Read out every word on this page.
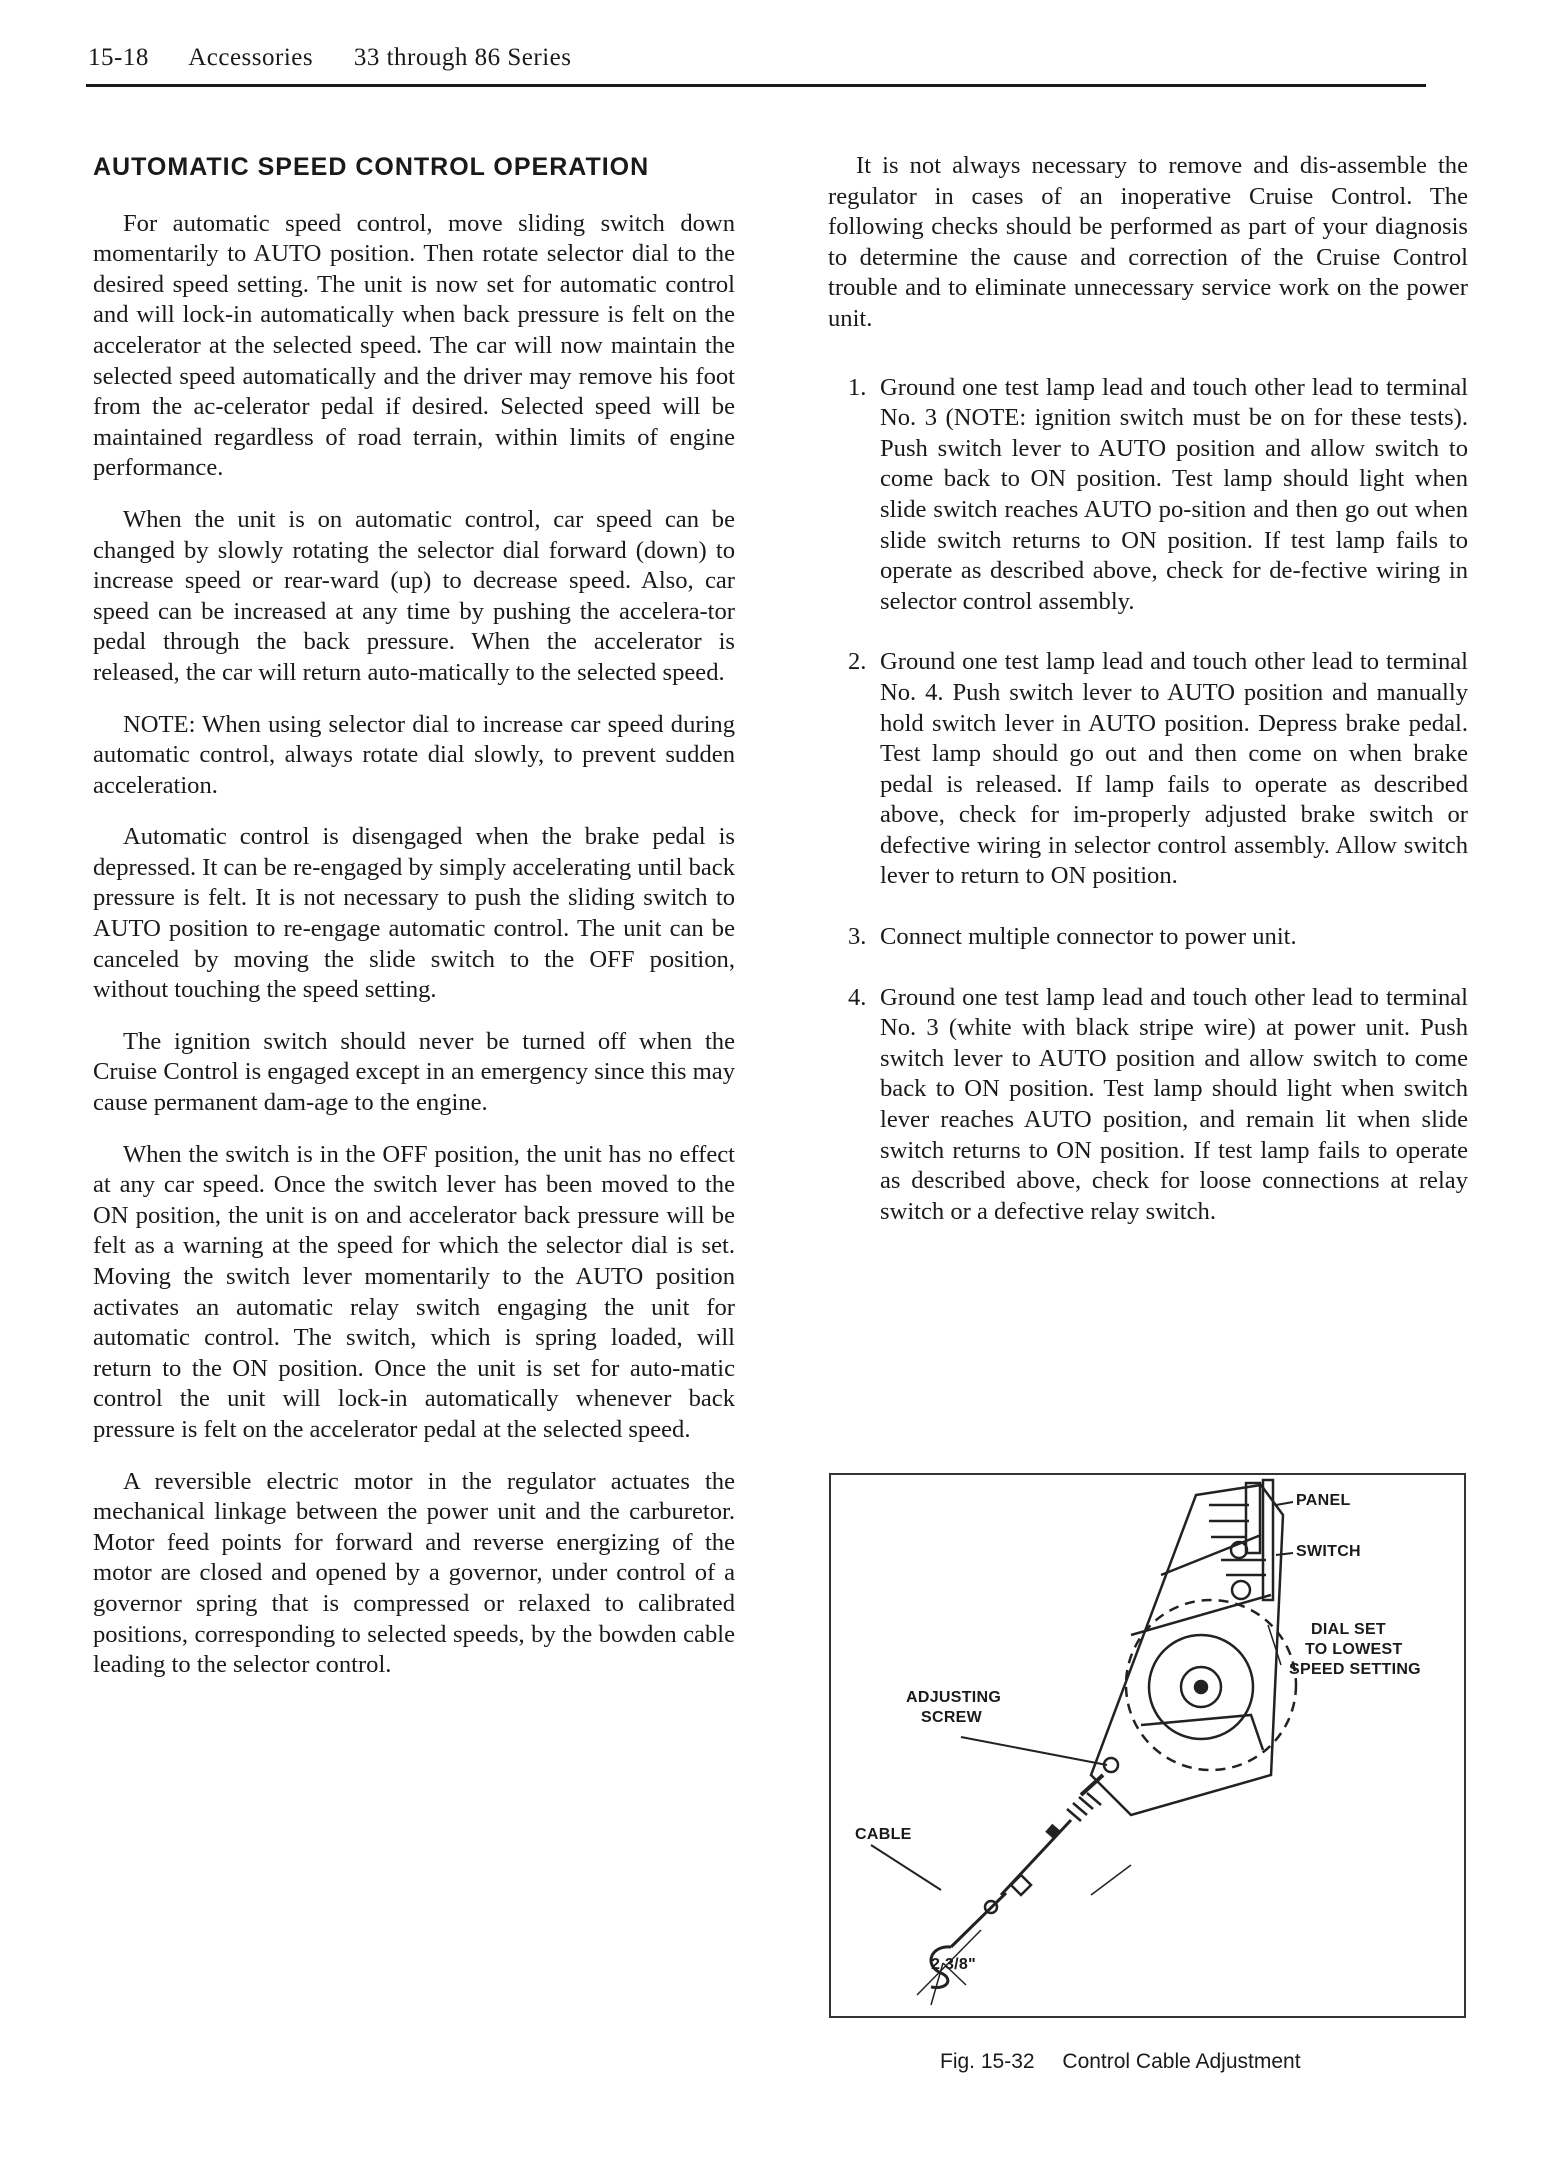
15-18 Accessories 33 through 86 Series
AUTOMATIC SPEED CONTROL OPERATION

For automatic speed control, move sliding switch down momentarily to AUTO position. Then rotate selector dial to the desired speed setting. The unit is now set for automatic control and will lock-in automatically when back pressure is felt on the accelerator at the selected speed. The car will now maintain the selected speed automatically and the driver may remove his foot from the ac-celerator pedal if desired. Selected speed will be maintained regardless of road terrain, within limits of engine performance.

When the unit is on automatic control, car speed can be changed by slowly rotating the selector dial forward (down) to increase speed or rear-ward (up) to decrease speed. Also, car speed can be increased at any time by pushing the accelera-tor pedal through the back pressure. When the accelerator is released, the car will return auto-matically to the selected speed.

NOTE: When using selector dial to increase car speed during automatic control, always rotate dial slowly, to prevent sudden acceleration.

Automatic control is disengaged when the brake pedal is depressed. It can be re-engaged by simply accelerating until back pressure is felt. It is not necessary to push the sliding switch to AUTO position to re-engage automatic control. The unit can be canceled by moving the slide switch to the OFF position, without touching the speed setting.

The ignition switch should never be turned off when the Cruise Control is engaged except in an emergency since this may cause permanent dam-age to the engine.

When the switch is in the OFF position, the unit has no effect at any car speed. Once the switch lever has been moved to the ON position, the unit is on and accelerator back pressure will be felt as a warning at the speed for which the selector dial is set. Moving the switch lever momentarily to the AUTO position activates an automatic relay switch engaging the unit for automatic control. The switch, which is spring loaded, will return to the ON position. Once the unit is set for auto-matic control the unit will lock-in automatically whenever back pressure is felt on the accelerator pedal at the selected speed.

A reversible electric motor in the regulator actuates the mechanical linkage between the power unit and the carburetor. Motor feed points for forward and reverse energizing of the motor are closed and opened by a governor, under control of a governor spring that is compressed or relaxed to calibrated positions, corresponding to selected speeds, by the bowden cable leading to the selector control.

It is not always necessary to remove and dis-assemble the regulator in cases of an inoperative Cruise Control. The following checks should be performed as part of your diagnosis to determine the cause and correction of the Cruise Control trouble and to eliminate unnecessary service work on the power unit.

1. Ground one test lamp lead and touch other lead to terminal No. 3 (NOTE: ignition switch must be on for these tests). Push switch lever to AUTO position and allow switch to come back to ON position. Test lamp should light when slide switch reaches AUTO po-sition and then go out when slide switch returns to ON position. If test lamp fails to operate as described above, check for de-fective wiring in selector control assembly.
2. Ground one test lamp lead and touch other lead to terminal No. 4. Push switch lever to AUTO position and manually hold switch lever in AUTO position. Depress brake pedal. Test lamp should go out and then come on when brake pedal is released. If lamp fails to operate as described above, check for im-properly adjusted brake switch or defective wiring in selector control assembly. Allow switch lever to return to ON position.
3. Connect multiple connector to power unit.
4. Ground one test lamp lead and touch other lead to terminal No. 3 (white with black stripe wire) at power unit. Push switch lever to AUTO position and allow switch to come back to ON position. Test lamp should light when switch lever reaches AUTO position, and remain lit when slide switch returns to ON position. If test lamp fails to operate as described above, check for loose connections at relay switch or a defective relay switch.
PANEL
SWITCH
DIAL SET
TO LOWEST
SPEED SETTING
ADJUSTING
SCREW
CABLE
2 3/8"
Fig. 15-32 Control Cable Adjustment
